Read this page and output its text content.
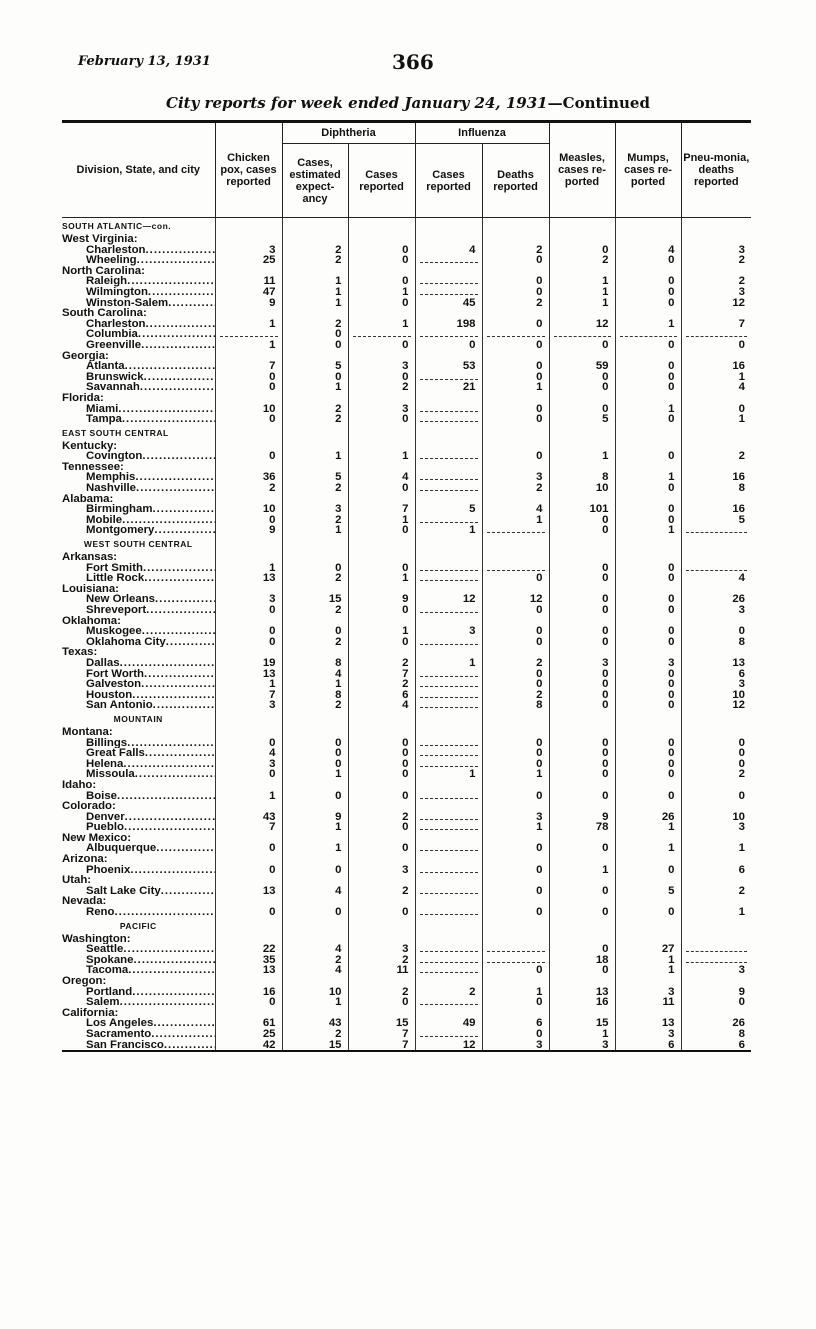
February 13, 1931	366
City reports for week ended January 24, 1931—Continued
Division, State, and city	Chicken pox, cases reported	Diphtheria		Influenza		Measles, cases re-ported	Mumps, cases re-ported	Pneu-monia, deaths reported
		Cases, estimated expect-ancy	Cases reported	Cases reported	Deaths reported			

SOUTH ATLANTIC—con.								

West Virginia:								

Charleston .....	3	2	0	4	2	0	4	3

Wheeling .....	25	2	0		0	2	0	2

North Carolina:								

Raleigh .....	11	1	0		0	1	0	2

Wilmington .....	47	1	1		0	1	0	3

Winston-Salem .....	9	1	0	45	2	1	0	12

South Carolina:								

Charleston .....	1	2	1	198	0	12	1	7

Columbia .....		0						

Greenville .....	1	0	0	0	0	0	0	0

Georgia:								

Atlanta .....	7	5	3	53	0	59	0	16

Brunswick .....	0	0	0		0	0	0	1

Savannah .....	0	1	2	21	1	0	0	4

Florida:								

Miami .....	10	2	3		0	0	1	0

Tampa .....	0	2	0		0	5	0	1

EAST SOUTH CENTRAL								

Kentucky:								

Covington .....	0	1	1		0	1	0	2

Tennessee:								

Memphis .....	36	5	4		3	8	1	16

Nashville .....	2	2	0		2	10	0	8

Alabama:								

Birmingham .....	10	3	7	5	4	101	0	16

Mobile .....	0	2	1		1	0	0	5

Montgomery .....	9	1	0	1		0	1	

WEST SOUTH CENTRAL								

Arkansas:								

Fort Smith .....	1	0	0			0	0	

Little Rock .....	13	2	1		0	0	0	4

Louisiana:								

New Orleans .....	3	15	9	12	12	0	0	26

Shreveport .....	0	2	0		0	0	0	3

Oklahoma:								

Muskogee .....	0	0	1	3	0	0	0	0

Oklahoma City .....	0	2	0		0	0	0	8

Texas:								

Dallas .....	19	8	2	1	2	3	3	13

Fort Worth .....	13	4	7		0	0	0	6

Galveston .....	1	1	2		0	0	0	3

Houston .....	7	8	6		2	0	0	10

San Antonio .....	3	2	4		8	0	0	12

MOUNTAIN								

Montana:								

Billings .....	0	0	0		0	0	0	0

Great Falls .....	4	0	0		0	0	0	0

Helena .....	3	0	0		0	0	0	0

Missoula .....	0	1	0	1	1	0	0	2

Idaho:								

Boise .....	1	0	0		0	0	0	0

Colorado:								

Denver .....	43	9	2		3	9	26	10

Pueblo .....	7	1	0		1	78	1	3

New Mexico:								

Albuquerque .....	0	1	0		0	0	1	1

Arizona:								

Phoenix .....	0	0	3		0	1	0	6

Utah:								

Salt Lake City .....	13	4	2		0	0	5	2

Nevada:								

Reno .....	0	0	0		0	0	0	1

PACIFIC								

Washington:								

Seattle .....	22	4	3			0	27	

Spokane .....	35	2	2			18	1	

Tacoma .....	13	4	11		0	0	1	3

Oregon:								

Portland .....	16	10	2	2	1	13	3	9

Salem .....	0	1	0		0	16	11	0

California:								

Los Angeles .....	61	43	15	49	6	15	13	26

Sacramento .....	25	2	7		0	1	3	8

San Francisco .....	42	15	7	12	3	3	6	6
